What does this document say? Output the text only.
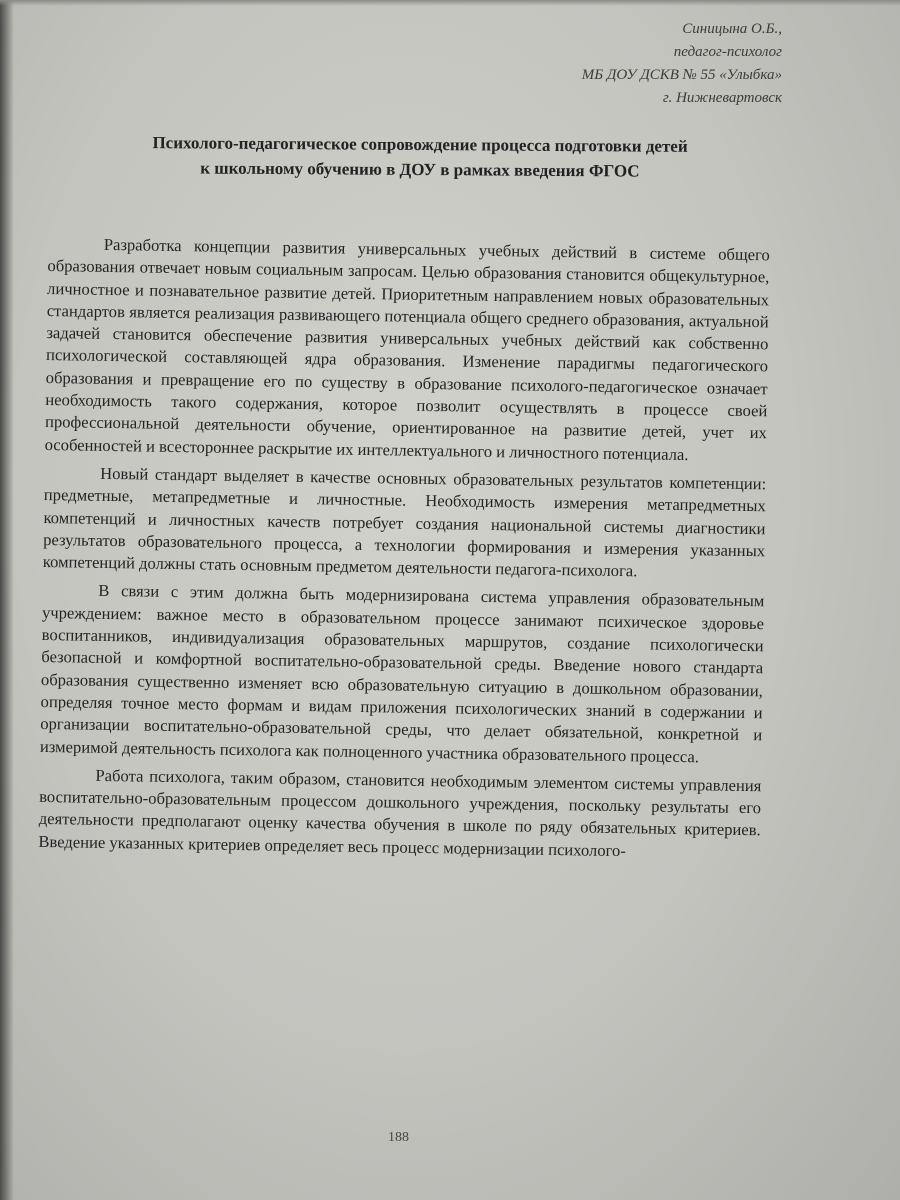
Синицына О.Б.,
педагог-психолог
МБ ДОУ ДСКВ № 55 «Улыбка»
г. Нижневартовск
Психолого-педагогическое сопровождение процесса подготовки детей
к школьному обучению в ДОУ в рамках введения ФГОС

Разработка концепции развития универсальных учебных действий в системе общего образования отвечает новым социальным запросам. Целью образования становится общекультурное, личностное и познавательное развитие детей. Приоритетным направлением новых образовательных стандартов является реализация развивающего потенциала общего среднего образования, актуальной задачей становится обеспечение развития универсальных учебных действий как собственно психологической составляющей ядра образования. Изменение парадигмы педагогического образования и превращение его по существу в образование психолого-педагогическое означает необходимость такого содержания, которое позволит осуществлять в процессе своей профессиональной деятельности обучение, ориентированное на развитие детей, учет их особенностей и всестороннее раскрытие их интеллектуального и личностного потенциала.

Новый стандарт выделяет в качестве основных образовательных результатов компетенции: предметные, метапредметные и личностные. Необходимость измерения метапредметных компетенций и личностных качеств потребует создания национальной системы диагностики результатов образовательного процесса, а технологии формирования и измерения указанных компетенций должны стать основным предметом деятельности педагога-психолога.

В связи с этим должна быть модернизирована система управления образовательным учреждением: важное место в образовательном процессе занимают психическое здоровье воспитанников, индивидуализация образовательных маршрутов, создание психологически безопасной и комфортной воспитательно-образовательной среды. Введение нового стандарта образования существенно изменяет всю образовательную ситуацию в дошкольном образовании, определяя точное место формам и видам приложения психологических знаний в содержании и организации воспитательно-образовательной среды, что делает обязательной, конкретной и измеримой деятельность психолога как полноценного участника образовательного процесса.

Работа психолога, таким образом, становится необходимым элементом системы управления воспитательно-образовательным процессом дошкольного учреждения, поскольку результаты его деятельности предполагают оценку качества обучения в школе по ряду обязательных критериев. Введение указанных критериев определяет весь процесс модернизации психолого-

188
